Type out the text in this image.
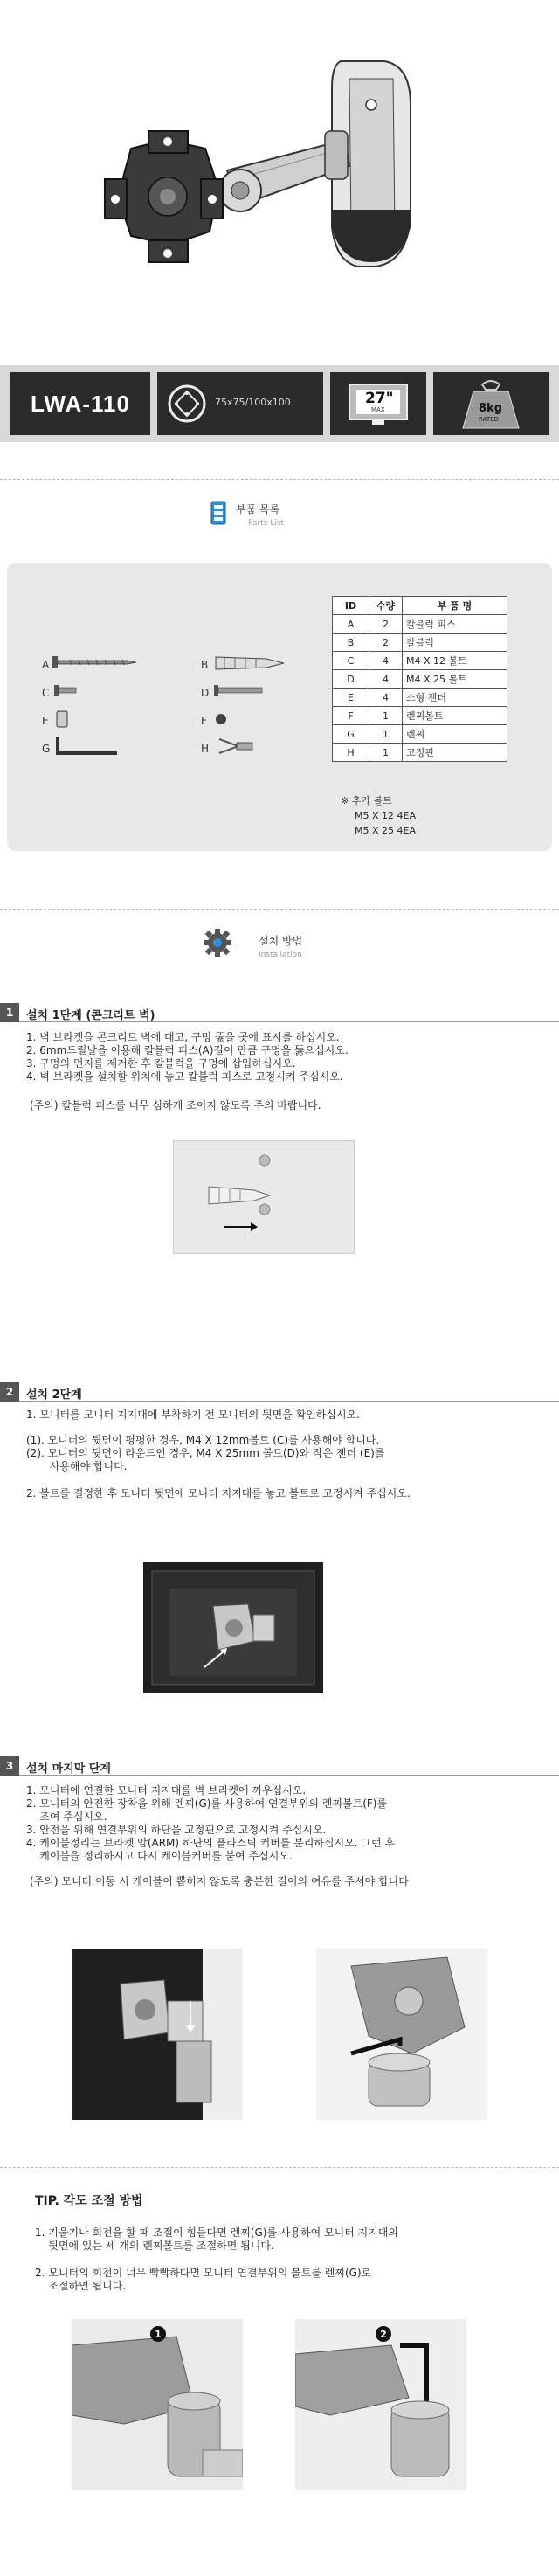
LWA-110	75x75/100x100	27"
MAX	8kg
RATED
부품 목록
Parts List
A	B
C	D
E	F
G	H
ID	수량	부 품 명
A	2	칼블럭 피스
B	2	칼블럭
C	4	M4 X 12 볼트
D	4	M4 X 25 볼트
E	4	소형 젠더
F	1	렌찌볼트
G	1	렌찌
H	1	고정핀
※ 추가 볼트
M5 X 12 4EA
M5 X 25 4EA
설치 방법
Installation
1	설치 1단계 (콘크리트 벽)

1. 벽 브라켓을 콘크리트 벽에 대고, 구멍 뚫을 곳에 표시를 하십시오.

2. 6mm드릴날을 이용해 칼블럭 피스(A)길이 만큼 구멍을 뚫으십시오.

3. 구멍의 먼지를 제거한 후 칼블럭을 구멍에 삽입하십시오.

4. 벽 브라켓을 설치할 위치에 놓고 칼블럭 피스로 고정시켜 주십시오.

(주의) 칼블럭 피스를 너무 심하게 조이지 않도록 주의 바랍니다.

2	설치 2단계

1. 모니터를 모니터 지지대에 부착하기 전 모니터의 뒷면을 확인하십시오.

(1). 모니터의 뒷면이 평평한 경우, M4 X 12mm볼트 (C)를 사용해야 합니다.

(2). 모니터의 뒷면이 라운드인 경우, M4 X 25mm 볼트(D)와 작은 젠더 (E)를
사용해야 합니다.

2. 볼트를 결정한 후 모니터 뒷면에 모니터 지지대를 놓고 볼트로 고정시켜 주십시오.

3	설치 마지막 단계

1. 모니터에 연결한 모니터 지지대를 벽 브라켓에 끼우십시오.

2. 모니터의 안전한 장착을 위해 렌찌(G)를 사용하여 연결부위의 렌찌볼트(F)를
조여 주십시오.

3. 안전을 위해 연결부위의 하단을 고정핀으로 고정시켜 주십시오.

4. 케이블정리는 브라켓 암(ARM) 하단의 플라스틱 커버를 분리하십시오. 그런 후
케이블을 정리하시고 다시 케이블커버를 붙여 주십시오.

(주의) 모니터 이동 시 케이블이 뽑히지 않도록 충분한 길이의 여유를 주셔야 합니다

TIP. 각도 조절 방법

1. 기울기나 회전을 할 때 조절이 힘들다면 렌찌(G)를 사용하여 모니터 지지대의
뒷면에 있는 세 개의 렌찌볼트를 조절하면 됩니다.

2. 모니터의 회전이 너무 빡빡하다면 모니터 연결부위의 볼트를 렌찌(G)로
조절하면 됩니다.

1	2
